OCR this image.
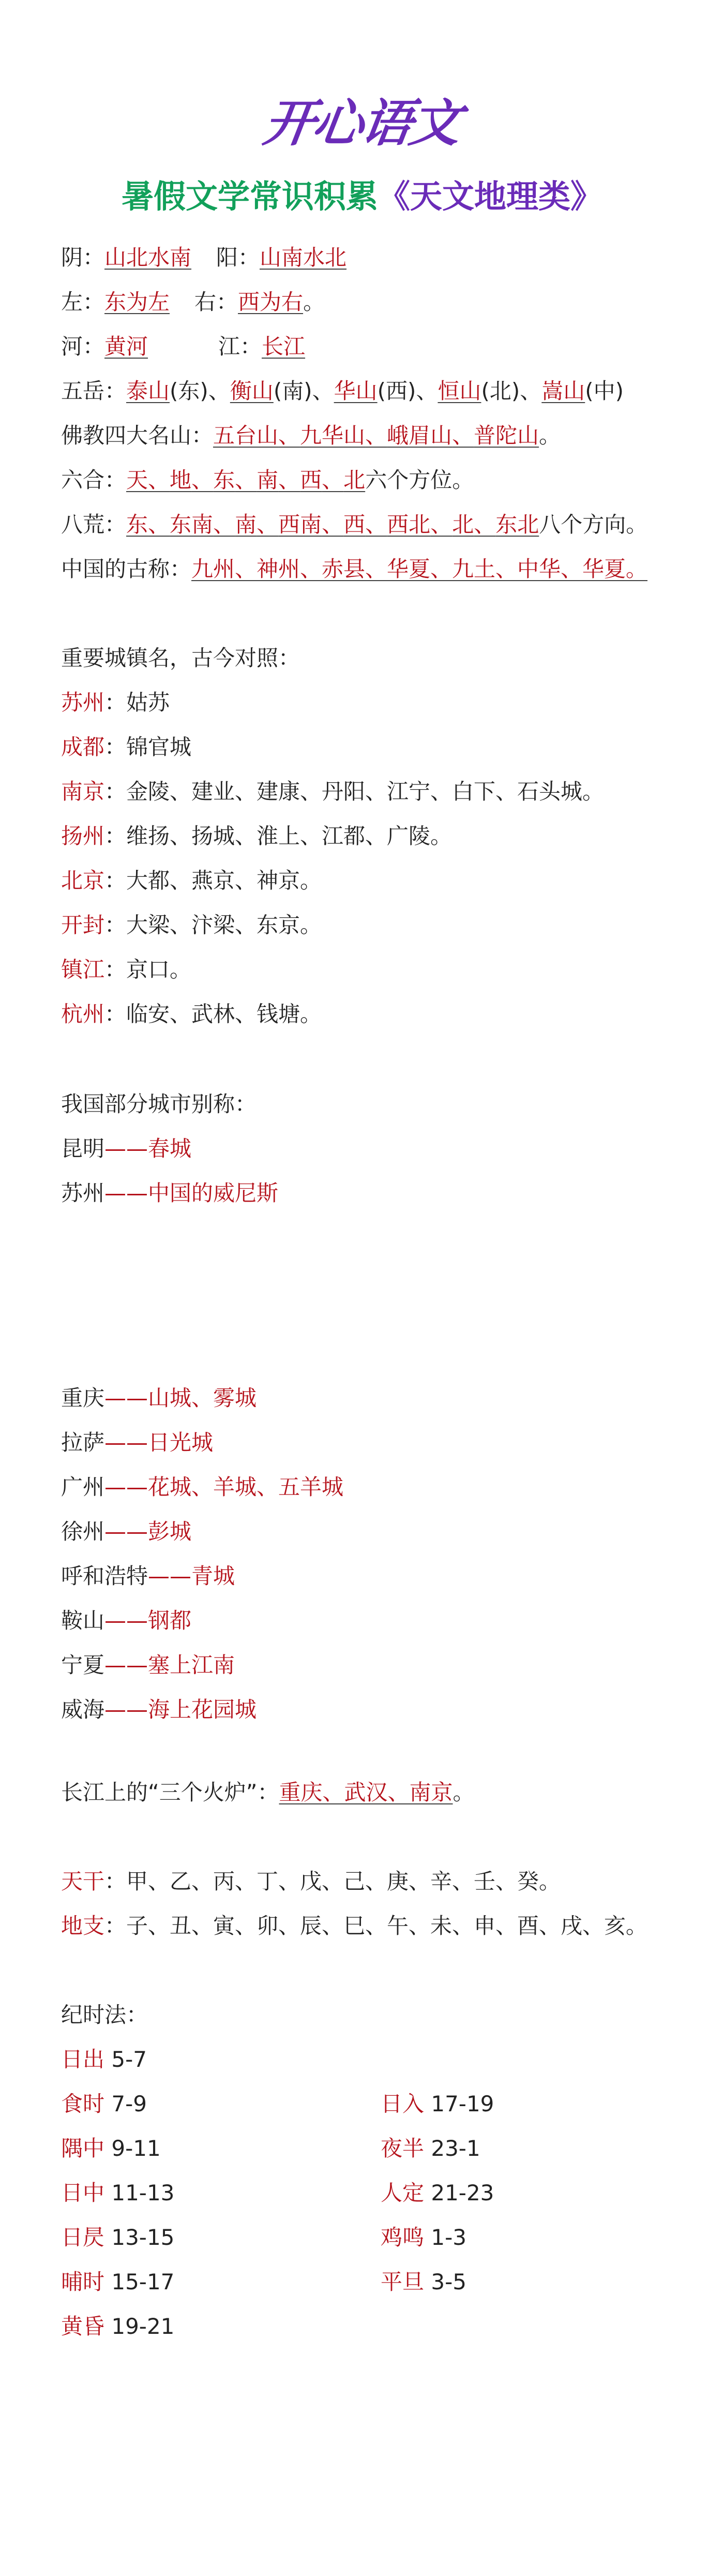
开心语文
暑假文学常识积累《天文地理类》
阴：山北水南 阳：山南水北
左：东为左 右：西为右。
河：黄河	江：长江
五岳：泰山(东)、衡山(南)、华山(西)、恒山(北)、嵩山(中)
佛教四大名山：五台山、九华山、峨眉山、普陀山。
六合：天、地、东、南、西、北六个方位。
八荒：东、东南、南、西南、西、西北、北、东北八个方向。
中国的古称：九州、神州、赤县、华夏、九土、中华、华夏。
重要城镇名，古今对照：
苏州：姑苏
成都：锦官城
南京：金陵、建业、建康、丹阳、江宁、白下、石头城。
扬州：维扬、扬城、淮上、江都、广陵。
北京：大都、燕京、神京。
开封：大梁、汴梁、东京。
镇江：京口。
杭州：临安、武林、钱塘。
我国部分城市别称：
昆明——春城
苏州——中国的威尼斯
重庆——山城、雾城
拉萨——日光城
广州——花城、羊城、五羊城
徐州——彭城
呼和浩特——青城
鞍山——钢都
宁夏——塞上江南
威海——海上花园城
长江上的“三个火炉”：重庆、武汉、南京。
天干：甲、乙、丙、丁、戊、己、庚、辛、壬、癸。
地支：子、丑、寅、卯、辰、巳、午、未、申、酉、戌、亥。
纪时法：
日出 5-7
食时 7-9
隅中 9-11
日中 11-13
日昃 13-15
晡时 15-17
黄昏 19-21
日入 17-19
夜半 23-1
人定 21-23
鸡鸣 1-3
平旦 3-5
